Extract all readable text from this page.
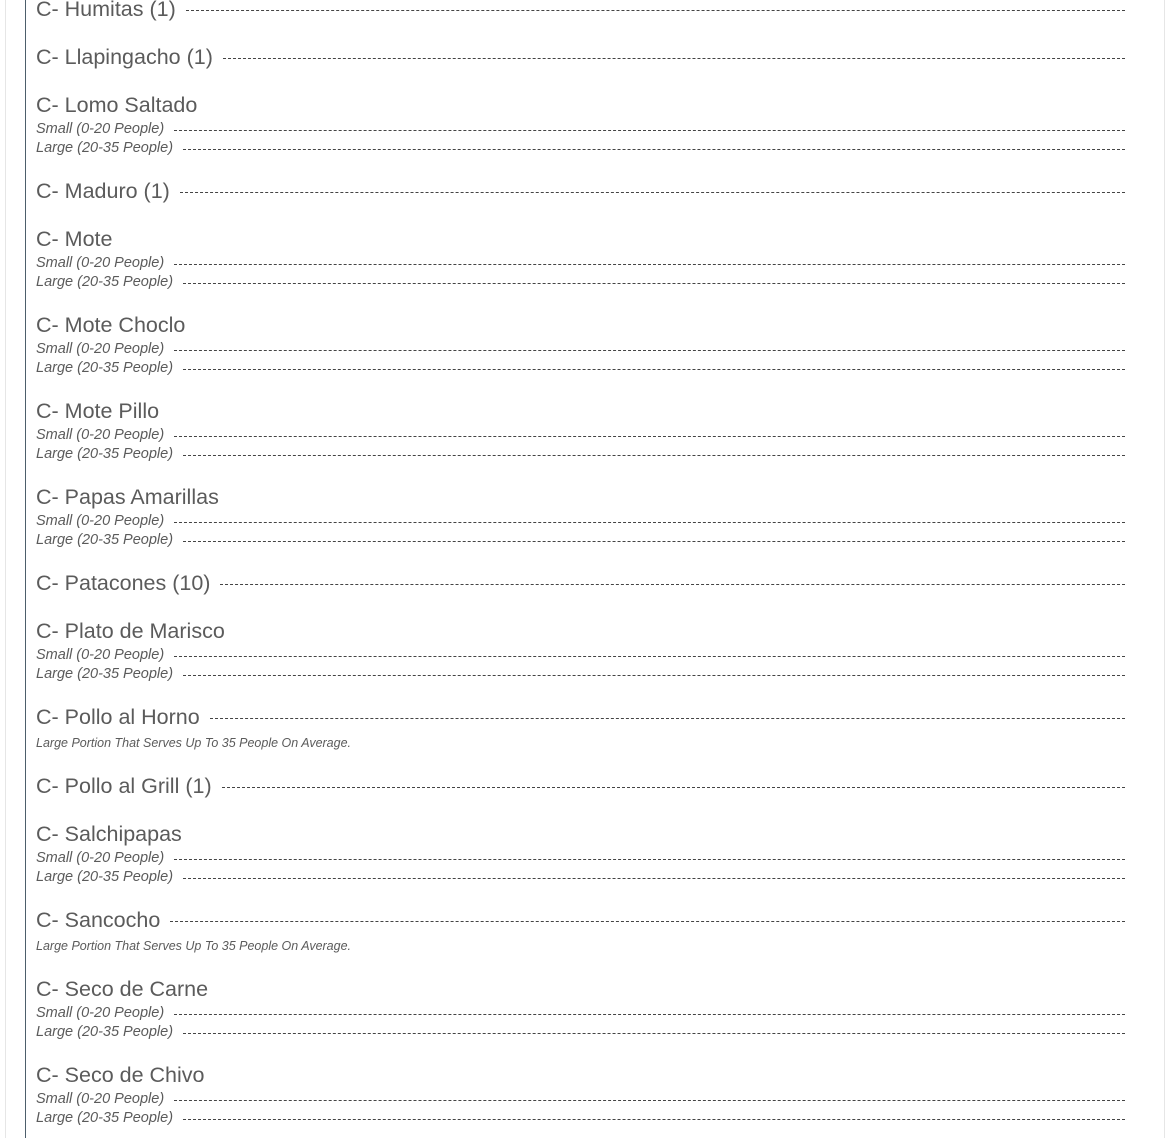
C- Humitas (1)
C- Llapingacho (1)
C- Lomo Saltado
Small (0-20 People)
Large (20-35 People)
C- Maduro (1)
C- Mote
Small (0-20 People)
Large (20-35 People)
C- Mote Choclo
Small (0-20 People)
Large (20-35 People)
C- Mote Pillo
Small (0-20 People)
Large (20-35 People)
C- Papas Amarillas
Small (0-20 People)
Large (20-35 People)
C- Patacones (10)
C- Plato de Marisco
Small (0-20 People)
Large (20-35 People)
C- Pollo al Horno
Large Portion That Serves Up To 35 People On Average.
C- Pollo al Grill (1)
C- Salchipapas
Small (0-20 People)
Large (20-35 People)
C- Sancocho
Large Portion That Serves Up To 35 People On Average.
C- Seco de Carne
Small (0-20 People)
Large (20-35 People)
C- Seco de Chivo
Small (0-20 People)
Large (20-35 People)
